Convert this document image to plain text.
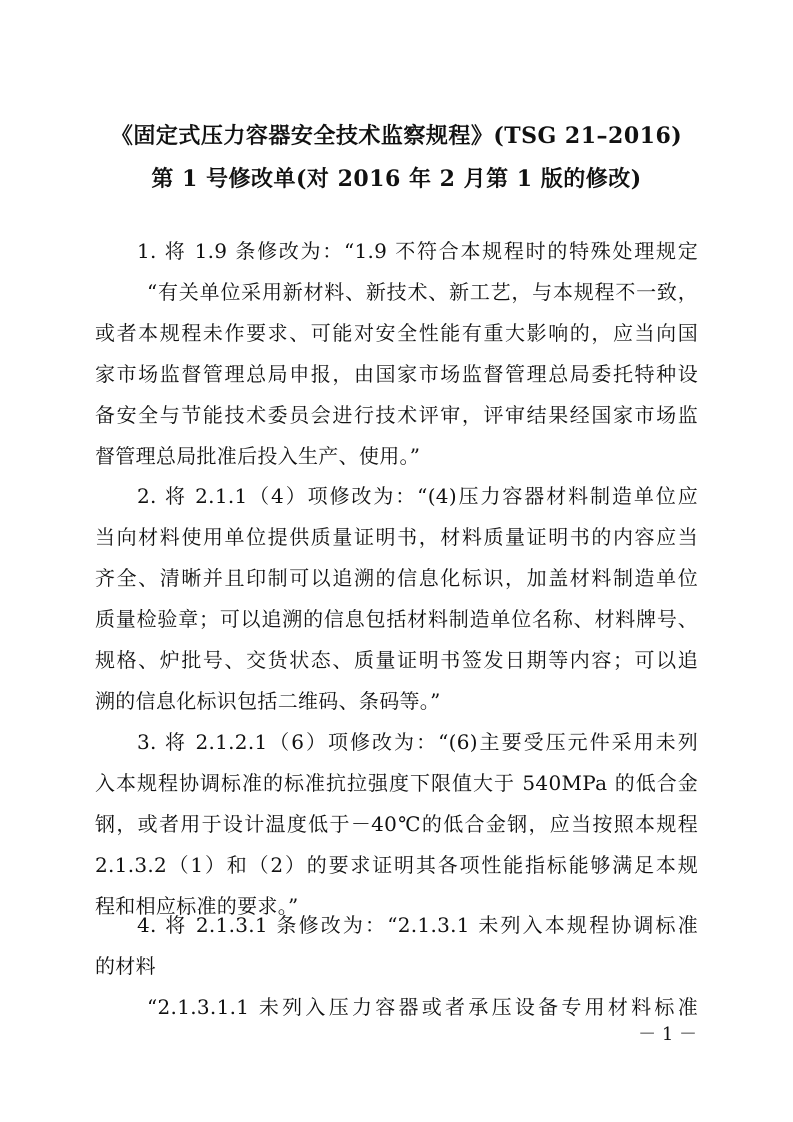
《固定式压力容器安全技术监察规程》(TSG 21–2016)
第 1 号修改单(对 2016 年 2 月第 1 版的修改)
1. 将 1.9 条修改为：“1.9 不符合本规程时的特殊处理规定
“有关单位采用新材料、新技术、新工艺，与本规程不一致，
或者本规程未作要求、可能对安全性能有重大影响的，应当向国
家市场监督管理总局申报，由国家市场监督管理总局委托特种设
备安全与节能技术委员会进行技术评审，评审结果经国家市场监
督管理总局批准后投入生产、使用。”
2. 将 2.1.1（4）项修改为：“(4)压力容器材料制造单位应
当向材料使用单位提供质量证明书，材料质量证明书的内容应当
齐全、清晰并且印制可以追溯的信息化标识，加盖材料制造单位
质量检验章；可以追溯的信息包括材料制造单位名称、材料牌号、
规格、炉批号、交货状态、质量证明书签发日期等内容；可以追
溯的信息化标识包括二维码、条码等。”
3. 将 2.1.2.1（6）项修改为：“(6)主要受压元件采用未列
入本规程协调标准的标准抗拉强度下限值大于 540MPa 的低合金
钢，或者用于设计温度低于－40℃的低合金钢，应当按照本规程
2.1.3.2（1）和（2）的要求证明其各项性能指标能够满足本规
程和相应标准的要求。”
4. 将 2.1.3.1 条修改为：“2.1.3.1 未列入本规程协调标准
的材料
“2.1.3.1.1 未列入压力容器或者承压设备专用材料标准
－ 1 －
